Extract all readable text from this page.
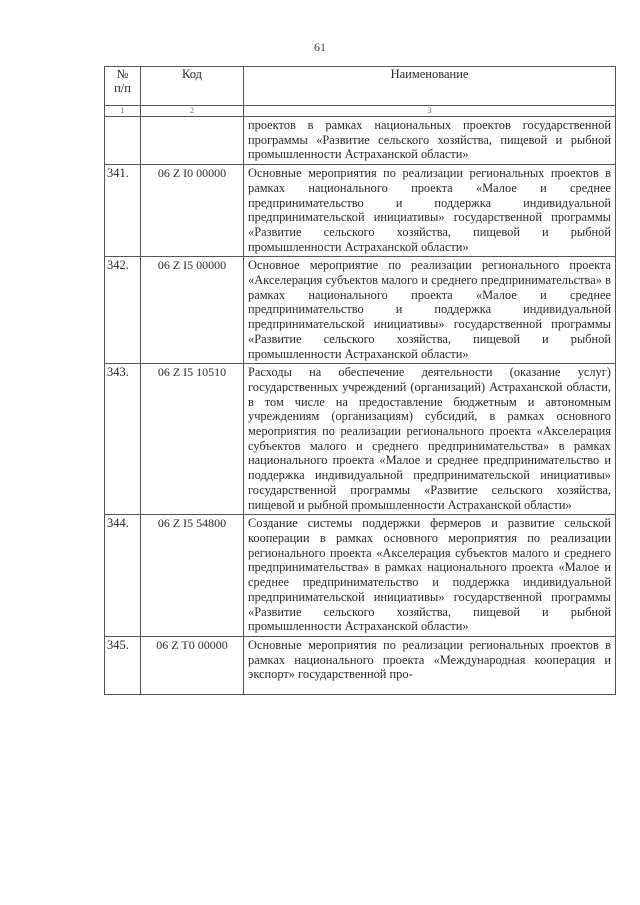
61
№
п/п	Код	Наименование
1	2	3
		проектов в рамках национальных проектов государственной программы «Развитие сельского хозяйства, пищевой и рыбной промышленности Астраханской области»
341.	06 Z I0 00000	Основные мероприятия по реализации региональных проектов в рамках национального проекта «Малое и среднее предпринимательство и поддержка индивидуальной предпринимательской инициативы» государственной программы «Развитие сельского хозяйства, пищевой и рыбной промышленности Астраханской области»
342.	06 Z I5 00000	Основное мероприятие по реализации регионального проекта «Акселерация субъектов малого и среднего предпринимательства» в рамках национального проекта «Малое и среднее предпринимательство и поддержка индивидуальной предпринимательской инициативы» государственной программы «Развитие сельского хозяйства, пищевой и рыбной промышленности Астраханской области»
343.	06 Z I5 10510	Расходы на обеспечение деятельности (оказание услуг) государственных учреждений (организаций) Астраханской области, в том числе на предоставление бюджетным и автономным учреждениям (организациям) субсидий, в рамках основного мероприятия по реализации регионального проекта «Акселерация субъектов малого и среднего предпринимательства» в рамках национального проекта «Малое и среднее предпринимательство и поддержка индивидуальной предпринимательской инициативы» государственной программы «Развитие сельского хозяйства, пищевой и рыбной промышленности Астраханской области»
344.	06 Z I5 54800	Создание системы поддержки фермеров и развитие сельской кооперации в рамках основного мероприятия по реализации регионального проекта «Акселерация субъектов малого и среднего предпринимательства» в рамках национального проекта «Малое и среднее предпринимательство и поддержка индивидуальной предпринимательской инициативы» государственной программы «Развитие сельского хозяйства, пищевой и рыбной промышленности Астраханской области»
345.	06 Z T0 00000	Основные мероприятия по реализации региональных проектов в рамках национального проекта «Международная кооперация и экспорт» государственной про-
